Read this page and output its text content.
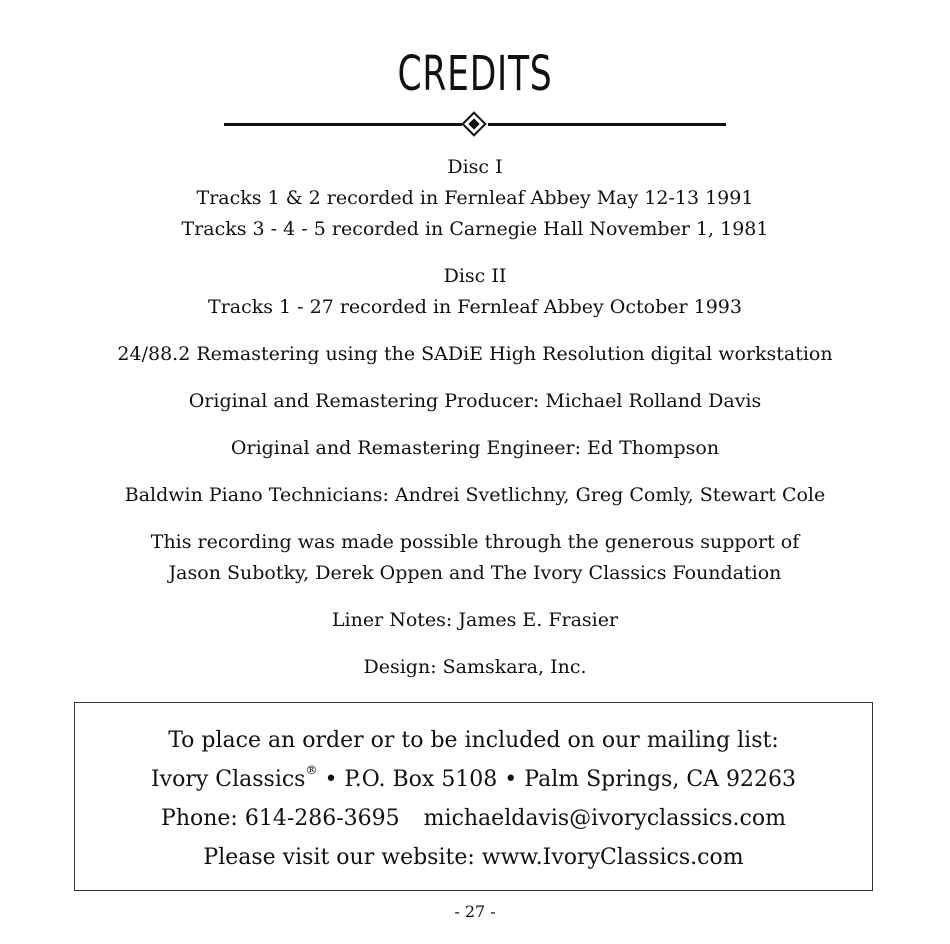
CREDITS
Disc I
Tracks 1 & 2 recorded in Fernleaf Abbey May 12-13 1991
Tracks 3 - 4 - 5 recorded in Carnegie Hall November 1, 1981
Disc II
Tracks 1 - 27 recorded in Fernleaf Abbey October 1993
24/88.2 Remastering using the SADiE High Resolution digital workstation
Original and Remastering Producer: Michael Rolland Davis
Original and Remastering Engineer: Ed Thompson
Baldwin Piano Technicians: Andrei Svetlichny, Greg Comly, Stewart Cole
This recording was made possible through the generous support of
Jason Subotky, Derek Oppen and The Ivory Classics Foundation
Liner Notes: James E. Frasier
Design: Samskara, Inc.
To place an order or to be included on our mailing list:
Ivory Classics® • P.O. Box 5108 • Palm Springs, CA 92263
Phone: 614-286-3695 michaeldavis@ivoryclassics.com
Please visit our website: www.IvoryClassics.com
- 27 -
